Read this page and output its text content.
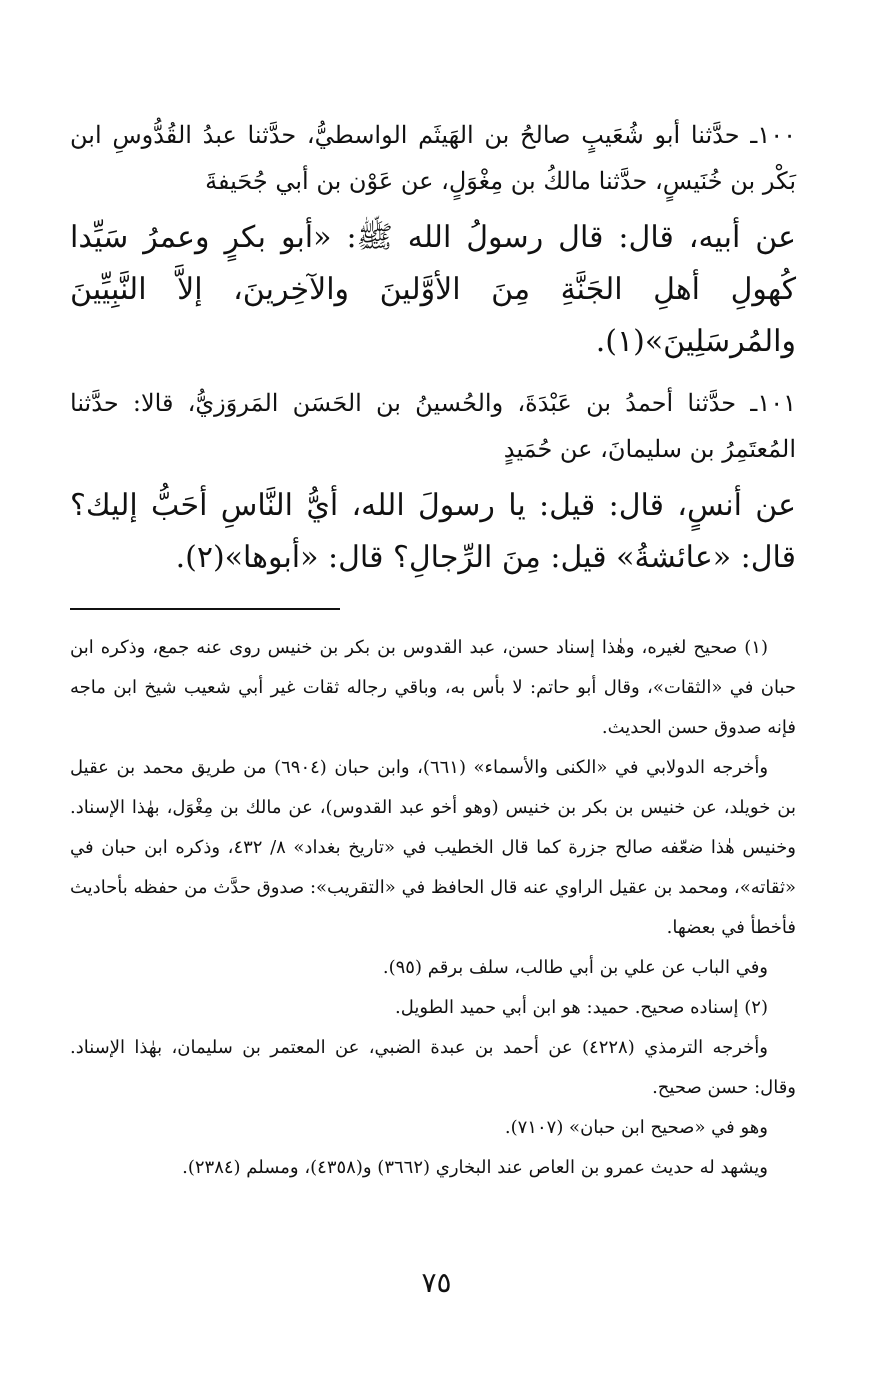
١٠٠ـ حدَّثنا أبو شُعَيبٍ صالحُ بن الهَيثَم الواسطيُّ، حدَّثنا عبدُ القُدُّوسِ ابن بَكْر بن خُنَيسٍ، حدَّثنا مالكُ بن مِغْوَلٍ، عن عَوْن بن أبي جُحَيفةَ

عن أبيه، قال: قال رسولُ الله ﷺ: «أبو بكرٍ وعمرُ سَيِّدا كُهولِ أهلِ الجَنَّةِ مِنَ الأوَّلينَ والآخِرينَ، إلاَّ النَّبِيِّينَ والمُرسَلِينَ»(١).

١٠١ـ حدَّثنا أحمدُ بن عَبْدَةَ، والحُسينُ بن الحَسَن المَروَزيُّ، قالا: حدَّثنا المُعتَمِرُ بن سليمانَ، عن حُمَيدٍ

عن أنسٍ، قال: قيل: يا رسولَ الله، أيُّ النَّاسِ أحَبُّ إليك؟ قال: «عائشةُ» قيل: مِنَ الرِّجالِ؟ قال: «أبوها»(٢).

(١) صحيح لغيره، وهٰذا إسناد حسن، عبد القدوس بن بكر بن خنيس روى عنه جمع، وذكره ابن حبان في «الثقات»، وقال أبو حاتم: لا بأس به، وباقي رجاله ثقات غير أبي شعيب شيخ ابن ماجه فإنه صدوق حسن الحديث.

وأخرجه الدولابي في «الكنى والأسماء» (٦٦١)، وابن حبان (٦٩٠٤) من طريق محمد بن عقيل بن خويلد، عن خنيس بن بكر بن خنيس (وهو أخو عبد القدوس)، عن مالك بن مِغْوَل، بهٰذا الإسناد. وخنيس هٰذا ضعّفه صالح جزرة كما قال الخطيب في «تاريخ بغداد» ٨/ ٤٣٢، وذكره ابن حبان في «ثقاته»، ومحمد بن عقيل الراوي عنه قال الحافظ في «التقريب»: صدوق حدَّث من حفظه بأحاديث فأخطأ في بعضها.

وفي الباب عن علي بن أبي طالب، سلف برقم (٩٥).

(٢) إسناده صحيح. حميد: هو ابن أبي حميد الطويل.

وأخرجه الترمذي (٤٢٢٨) عن أحمد بن عبدة الضبي، عن المعتمر بن سليمان، بهٰذا الإسناد. وقال: حسن صحيح.

وهو في «صحيح ابن حبان» (٧١٠٧).

ويشهد له حديث عمرو بن العاص عند البخاري (٣٦٦٢) و(٤٣٥٨)، ومسلم (٢٣٨٤).

٧٥
